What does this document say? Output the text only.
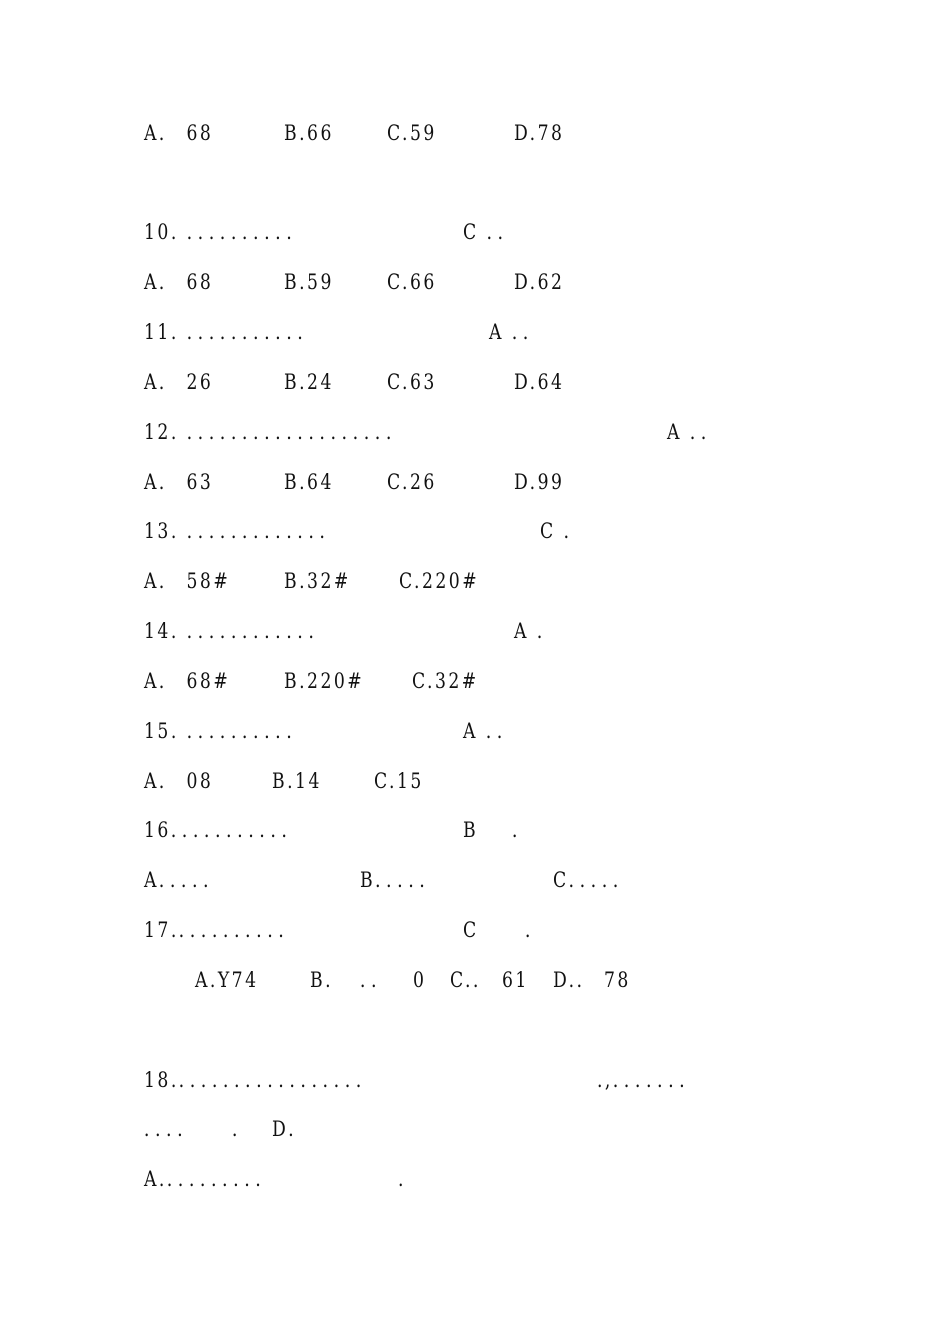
A． 68	B.66	C.59	D.78
10. ．．．．．．．．．．	C ．．
A． 68	B.59	C.66	D.62
11. ．．．．．．．．．．．	A ．．
A． 26	B.24	C.63	D.64
12. ．．．．．．．．．．．．．．．．．．．	A ．．
A． 63	B.64	C.26	D.99
13. ．．．．．．．．．．．．．	C ．
A． 58#	B.32# C.220#
14. ．．．．．．．．．．．．	A ．
A． 68#	B.220# C.32#
15. ．．．．．．．．．．	A ．．
A． 08	B.14 C.15
16．．．．．．．．．．．	B ．
A．．．．．	B．．．．．	C．．．．．
17.．．．．．．．．．．	C ．
A.Y74 B. ．． 0 C.． 61 D.． 78
18.．．．．．．．．．．．．．．．．．	.,．．．．．．．
．．．． ． D．
A.．．．．．．．．．	.
